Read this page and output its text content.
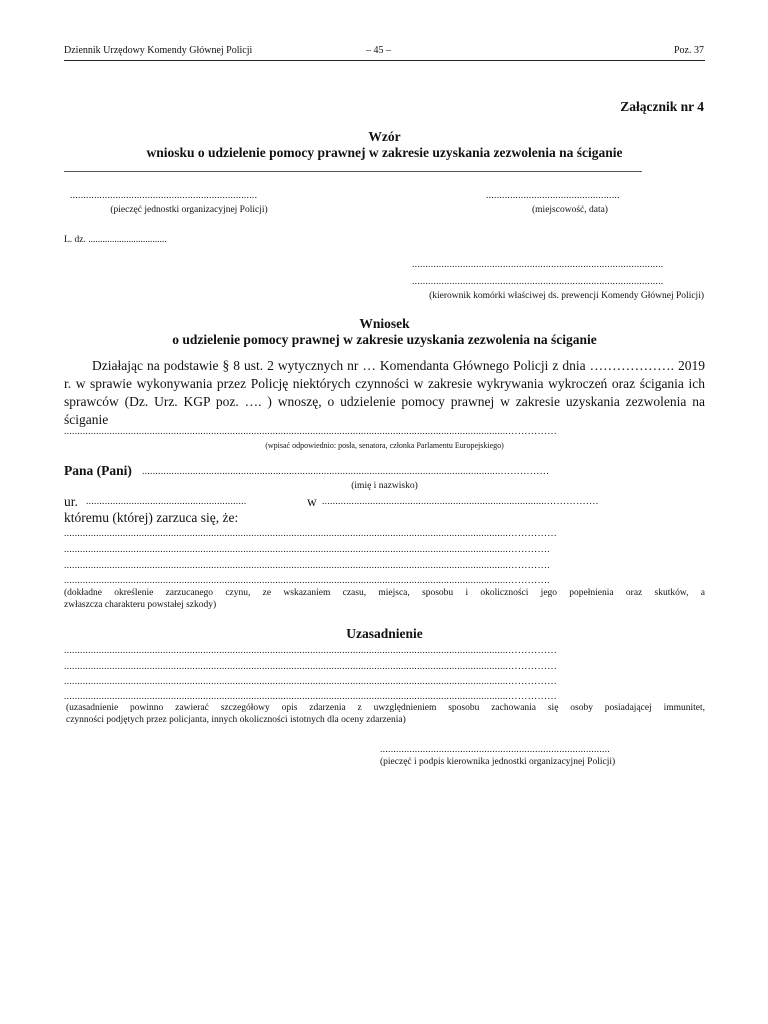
Dziennik Urzędowy Komendy Głównej Policji	– 45 –	Poz. 37
Załącznik nr 4
Wzór
wniosku o udzielenie pomocy prawnej w zakresie uzyskania zezwolenia na ściganie
......................................................................
(pieczęć jednostki organizacyjnej Policji)
..................................................
(miejscowość, data)
L. dz. .................................
..............................................................................................
..............................................................................................
(kierownik komórki właściwej ds. prewencji Komendy Głównej Policji)
Wniosek
o udzielenie pomocy prawnej w zakresie uzyskania zezwolenia na ściganie
Działając na podstawie § 8 ust. 2 wytycznych nr … Komendanta Głównego Policji z dnia ………………. 2019 r. w sprawie wykonywania przez Policję niektórych czynności w zakresie wykrywania wykroczeń oraz ścigania ich sprawców (Dz. Urz. KGP poz. …. ) wnoszę, o udzielenie pomocy prawnej w zakresie uzyskania zezwolenia na ściganie
......................................................................................................................................................................……………
(wpisać odpowiednio: posła, senatora, członka Parlamentu Europejskiego)
Pana (Pani) ......................................................................................................................................……………
(imię i nazwisko)
ur. ............................................................	w ....................................................................................…………….
któremu (której) zarzuca się, że:
......................................................................................................................................................................……………
......................................................................................................................................................................………….
......................................................................................................................................................................………….
......................................................................................................................................................................………….
(dokładne określenie zarzucanego czynu, ze wskazaniem czasu, miejsca, sposobu i okoliczności jego popełnienia oraz skutków, a
zwłaszcza charakteru powstałej szkody)
Uzasadnienie
......................................................................................................................................................................……………
......................................................................................................................................................................……………
......................................................................................................................................................................……………
......................................................................................................................................................................……………
(uzasadnienie powinno zawierać szczegółowy opis zdarzenia z uwzględnieniem sposobu zachowania się osoby posiadającej immunitet,
czynności podjętych przez policjanta, innych okoliczności istotnych dla oceny zdarzenia)
......................................................................................
(pieczęć i podpis kierownika jednostki organizacyjnej Policji)
